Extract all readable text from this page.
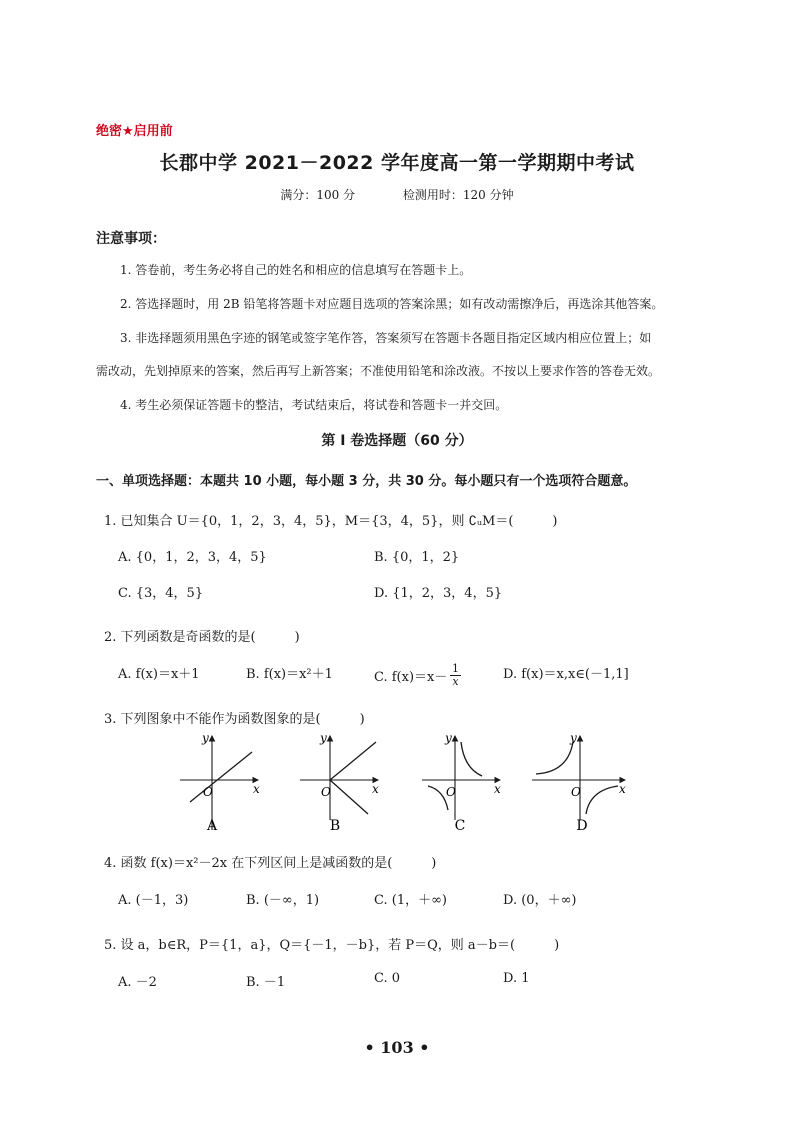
绝密★启用前
长郡中学 2021－2022 学年度高一第一学期期中考试
满分：100 分	检测用时：120 分钟
注意事项：
1. 答卷前，考生务必将自己的姓名和相应的信息填写在答题卡上。
2. 答选择题时，用 2B 铅笔将答题卡对应题目选项的答案涂黑；如有改动需擦净后，再选涂其他答案。
3. 非选择题须用黑色字迹的钢笔或签字笔作答，答案须写在答题卡各题目指定区域内相应位置上；如
需改动，先划掉原来的答案，然后再写上新答案；不准使用铅笔和涂改液。不按以上要求作答的答卷无效。
4. 考生必须保证答题卡的整洁，考试结束后，将试卷和答题卡一并交回。
第 I 卷选择题（60 分）
一、单项选择题：本题共 10 小题，每小题 3 分，共 30 分。每小题只有一个选项符合题意。
1. 已知集合 U＝{0，1，2，3，4，5}，M＝{3，4，5}，则 ∁ᵤM＝(　　　)
A. {0，1，2，3，4，5}	B. {0，1，2}
C. {3，4，5}	D. {1，2，3，4，5}
2. 下列函数是奇函数的是(　　　)
A. f(x)＝x＋1	B. f(x)＝x²＋1	C. $f(x)=x- \frac{1}{x}$	D. f(x)＝x,x∈(－1,1]
3. 下列图象中不能作为函数图象的是(　　　)
y
x
O
A
y
x
O
B
y
x
O
C
y
x
O
D
4. 函数 f(x)＝x²－2x 在下列区间上是减函数的是(　　　)
A. (－1，3)	B. (－∞，1)	C. (1，＋∞)	D. (0，＋∞)
5. 设 a，b∈R，P＝{1，a}，Q＝{－1，－b}，若 P＝Q，则 a－b＝(　　　)
A. －2	B. －1	C. 0	D. 1
• 103 •
